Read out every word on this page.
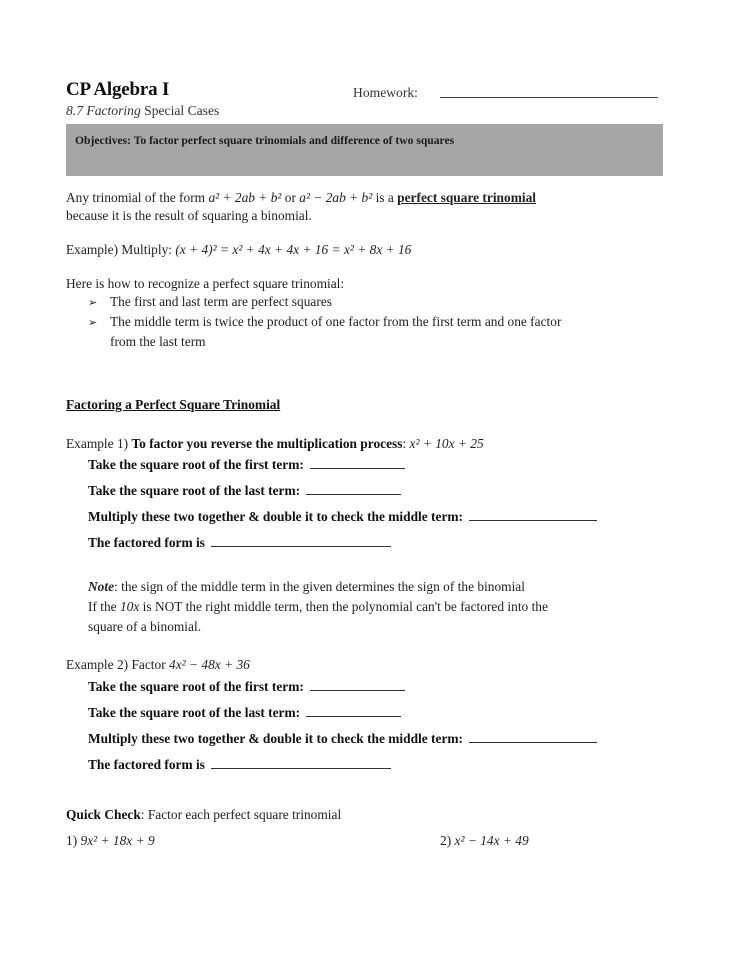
CP Algebra I
8.7 Factoring Special Cases
Homework:
Objectives: To factor perfect square trinomials and difference of two squares
Any trinomial of the form a² + 2ab + b² or a² − 2ab + b² is a perfect square trinomial
because it is the result of squaring a binomial.
Example) Multiply: (x + 4)² = x² + 4x + 4x + 16 = x² + 8x + 16
Here is how to recognize a perfect square trinomial:
➢ The first and last term are perfect squares
➢ The middle term is twice the product of one factor from the first term and one factor
from the last term
Factoring a Perfect Square Trinomial
Example 1) To factor you reverse the multiplication process: x² + 10x + 25
Take the square root of the first term:
Take the square root of the last term:
Multiply these two together & double it to check the middle term:
The factored form is
Note: the sign of the middle term in the given determines the sign of the binomial
If the 10x is NOT the right middle term, then the polynomial can't be factored into the
square of a binomial.
Example 2) Factor 4x² − 48x + 36
Take the square root of the first term:
Take the square root of the last term:
Multiply these two together & double it to check the middle term:
The factored form is
Quick Check: Factor each perfect square trinomial
1) 9x² + 18x + 9	2) x² − 14x + 49
